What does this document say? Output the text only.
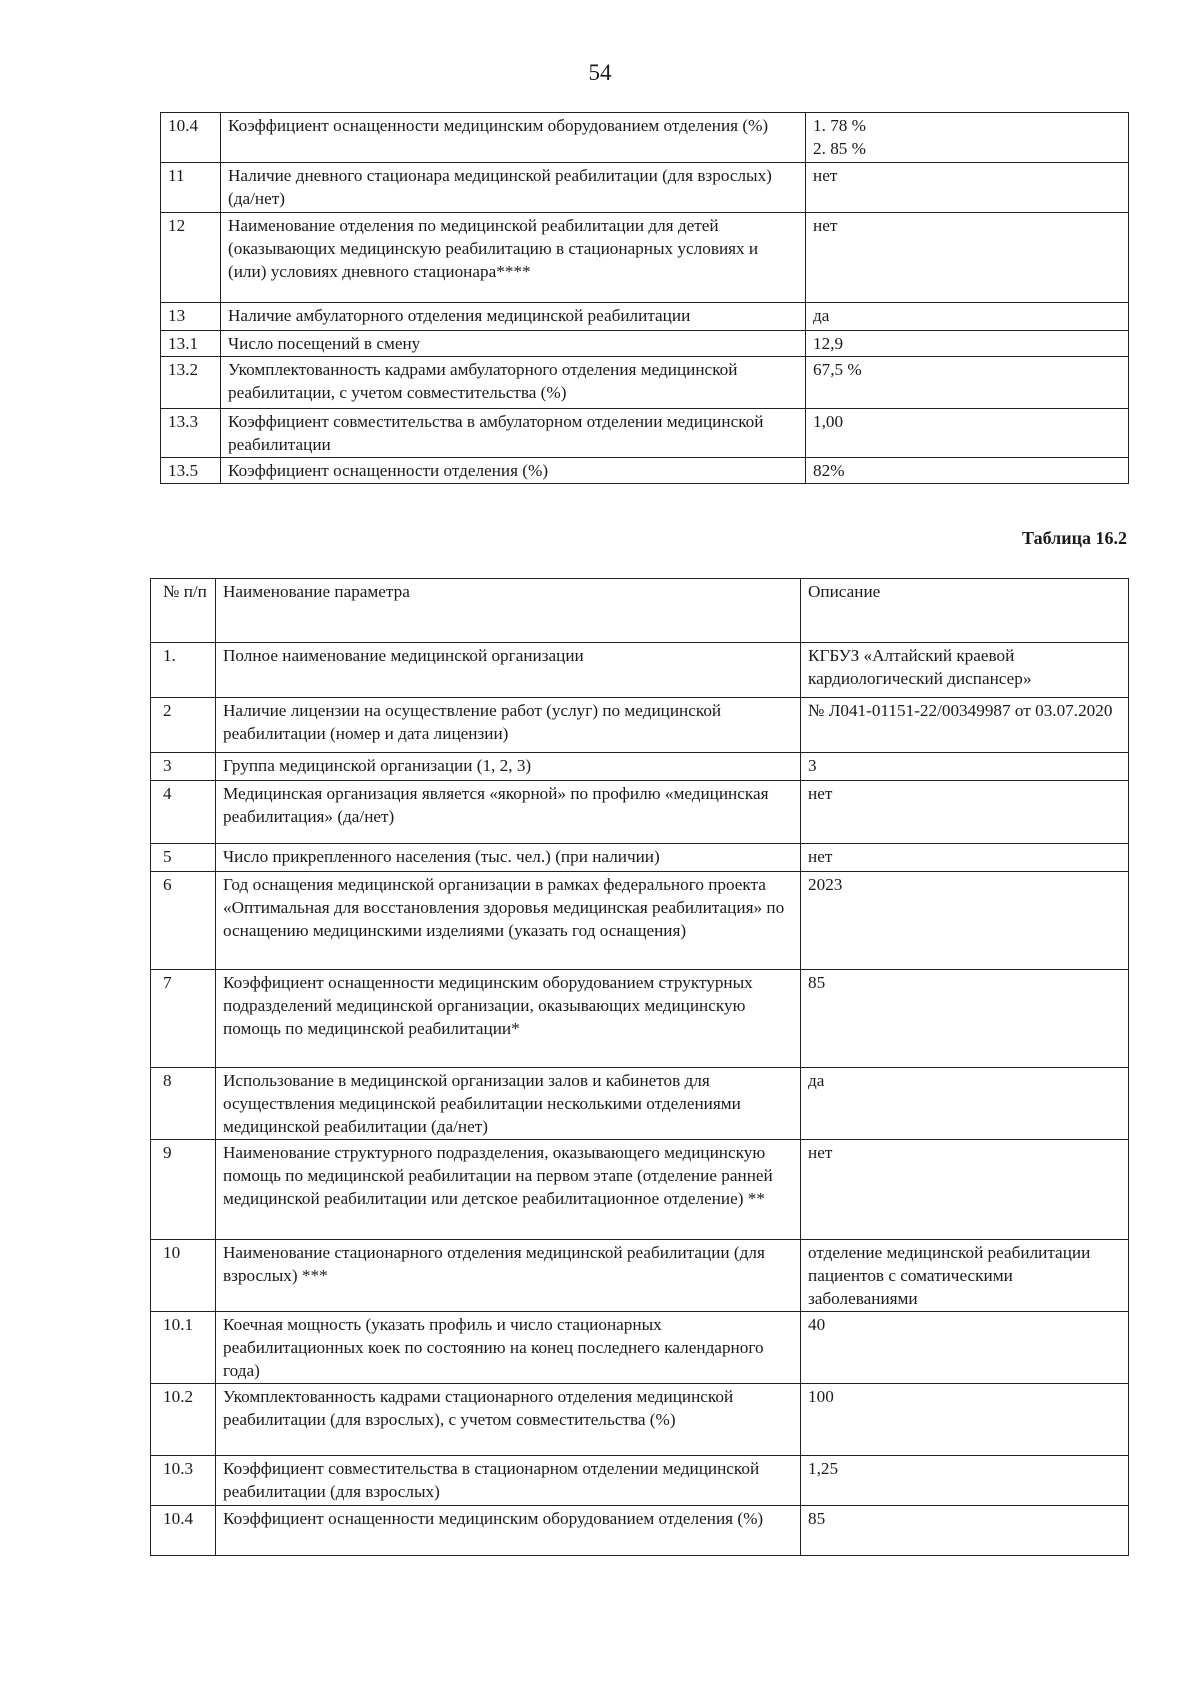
54
10.4	Коэффициент оснащенности медицинским оборудованием отделения (%)	1. 78 %
2. 85 %

11	Наличие дневного стационара медицинской реабилитации (для взрослых) (да/нет)	нет
12	Наименование отделения по медицинской реабилитации для детей (оказывающих медицинскую реабилитацию в стационарных условиях и (или) условиях дневного стационара****	нет
13	Наличие амбулаторного отделения медицинской реабилитации	да
13.1	Число посещений в смену	12,9
13.2	Укомплектованность кадрами амбулаторного отделения медицинской реабилитации, с учетом совместительства (%)	67,5 %
13.3	Коэффициент совместительства в амбулаторном отделении медицинской реабилитации	1,00
13.5	Коэффициент оснащенности отделения (%)	82%
Таблица 16.2
№ п/п	Наименование параметра	Описание
1.	Полное наименование медицинской организации	КГБУЗ «Алтайский краевой кардиологический диспансер»
2	Наличие лицензии на осуществление работ (услуг) по медицинской реабилитации (номер и дата лицензии)	№ Л041-01151-22/00349987 от 03.07.2020
3	Группа медицинской организации (1, 2, 3)	3
4	Медицинская организация является «якорной» по профилю «медицинская реабилитация» (да/нет)	нет
5	Число прикрепленного населения (тыс. чел.) (при наличии)	нет
6	Год оснащения медицинской организации в рамках федерального проекта «Оптимальная для восстановления здоровья медицинская реабилитация» по оснащению медицинскими изделиями (указать год оснащения)	2023
7	Коэффициент оснащенности медицинским оборудованием структурных подразделений медицинской организации, оказывающих медицинскую помощь по медицинской реабилитации*	85
8	Использование в медицинской организации залов и кабинетов для осуществления медицинской реабилитации несколькими отделениями медицинской реабилитации (да/нет)	да
9	Наименование структурного подразделения, оказывающего медицинскую помощь по медицинской реабилитации на первом этапе (отделение ранней медицинской реабилитации или детское реабилитационное отделение) **	нет
10	Наименование стационарного отделения медицинской реабилитации (для взрослых) ***	отделение медицинской реабилитации пациентов с соматическими заболеваниями
10.1	Коечная мощность (указать профиль и число стационарных реабилитационных коек по состоянию на конец последнего календарного года)	40
10.2	Укомплектованность кадрами стационарного отделения медицинской реабилитации (для взрослых), с учетом совместительства (%)	100
10.3	Коэффициент совместительства в стационарном отделении медицинской реабилитации (для взрослых)	1,25
10.4	Коэффициент оснащенности медицинским оборудованием отделения (%)	85
